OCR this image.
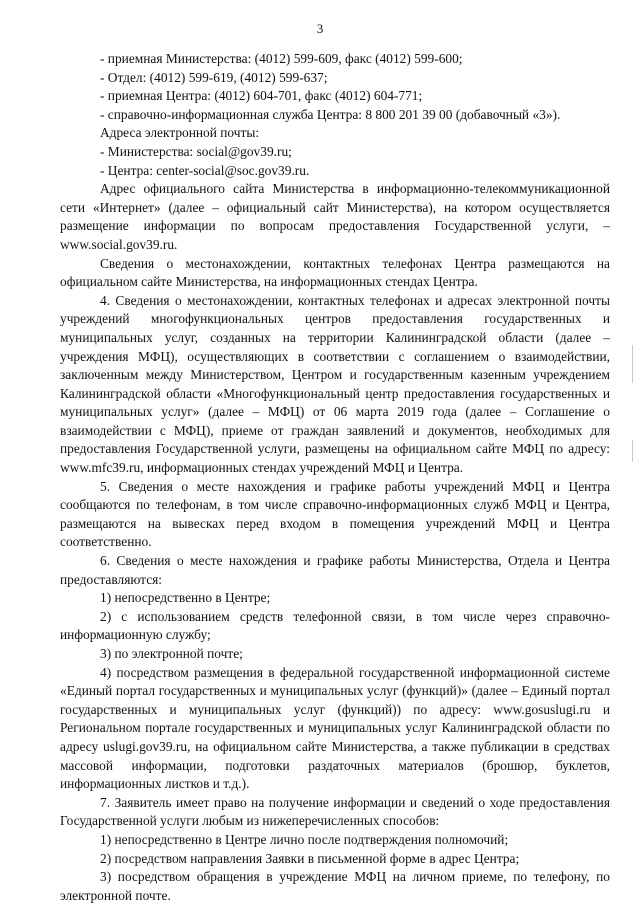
3

- приемная Министерства: (4012) 599-609, факс (4012) 599-600;

- Отдел: (4012) 599-619, (4012) 599-637;

- приемная Центра: (4012) 604-701, факс (4012) 604-771;

- справочно-информационная служба Центра: 8 800 201 39 00 (добавочный «3»).

Адреса электронной почты:

- Министерства: social@gov39.ru;

- Центра: center-social@soc.gov39.ru.

Адрес официального сайта Министерства в информационно-телекоммуникационной сети «Интернет» (далее – официальный сайт Министерства), на котором осуществляется размещение информации по вопросам предоставления Государственной услуги, – www.social.gov39.ru.

Сведения о местонахождении, контактных телефонах Центра размещаются на официальном сайте Министерства, на информационных стендах Центра.

4. Сведения о местонахождении, контактных телефонах и адресах электронной почты учреждений многофункциональных центров предоставления государственных и муниципальных услуг, созданных на территории Калининградской области (далее – учреждения МФЦ), осуществляющих в соответствии с соглашением о взаимодействии, заключенным между Министерством, Центром и государственным казенным учреждением Калининградской области «Многофункциональный центр предоставления государственных и муниципальных услуг» (далее – МФЦ) от 06 марта 2019 года (далее – Соглашение о взаимодействии с МФЦ), приеме от граждан заявлений и документов, необходимых для предоставления Государственной услуги, размещены на официальном сайте МФЦ по адресу: www.mfc39.ru, информационных стендах учреждений МФЦ и Центра.

5. Сведения о месте нахождения и графике работы учреждений МФЦ и Центра сообщаются по телефонам, в том числе справочно-информационных служб МФЦ и Центра, размещаются на вывесках перед входом в помещения учреждений МФЦ и Центра соответственно.

6. Сведения о месте нахождения и графике работы Министерства, Отдела и Центра предоставляются:

1) непосредственно в Центре;

2) с использованием средств телефонной связи, в том числе через справочно-информационную службу;

3) по электронной почте;

4) посредством размещения в федеральной государственной информационной системе «Единый портал государственных и муниципальных услуг (функций)» (далее – Единый портал государственных и муниципальных услуг (функций)) по адресу: www.gosuslugi.ru и Региональном портале государственных и муниципальных услуг Калининградской области по адресу uslugi.gov39.ru, на официальном сайте Министерства, а также публикации в средствах массовой информации, подготовки раздаточных материалов (брошюр, буклетов, информационных листков и т.д.).

7. Заявитель имеет право на получение информации и сведений о ходе предоставления Государственной услуги любым из нижеперечисленных способов:

1) непосредственно в Центре лично после подтверждения полномочий;

2) посредством направления Заявки в письменной форме в адрес Центра;

3) посредством обращения в учреждение МФЦ на личном приеме, по телефону, по электронной почте.
